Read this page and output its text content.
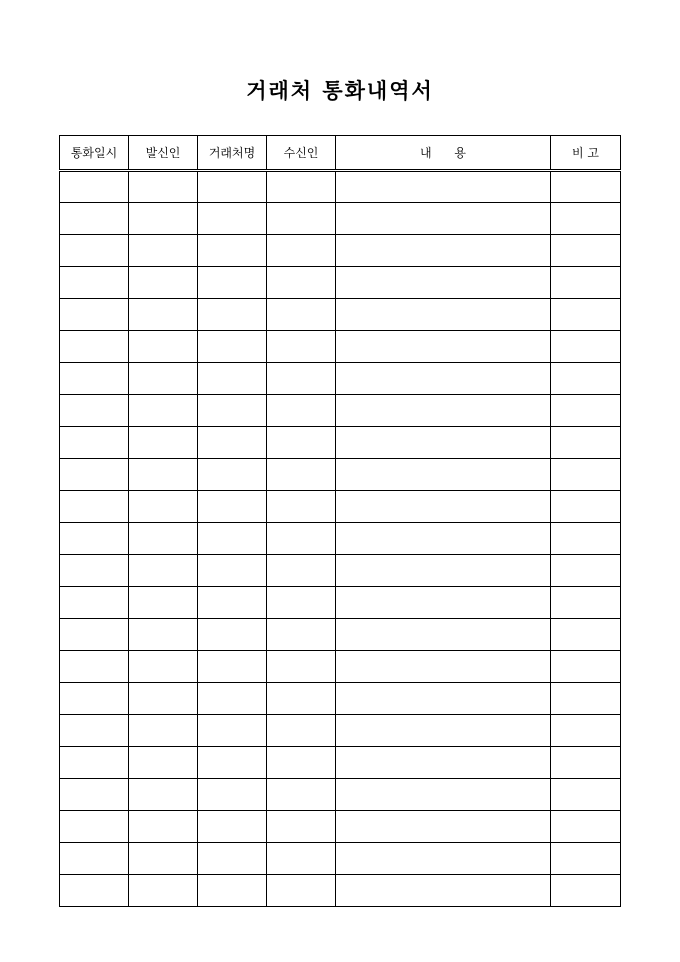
거래처 통화내역서
통화일시	발신인	거래처명	수신인	내      용	비 고
